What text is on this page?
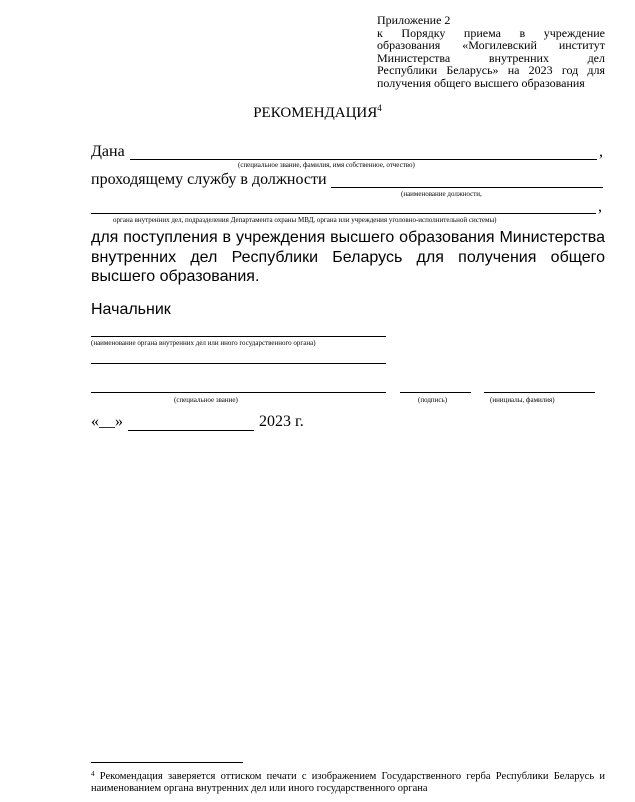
Приложение 2
к Порядку приема в учреждение
образования «Могилевский институт
Министерства внутренних дел
Республики Беларусь» на 2023 год для
получения общего высшего образования
РЕКОМЕНДАЦИЯ$^4$
Дана	,
(специальное звание, фамилия, имя собственное, отчество)
проходящему службу в должности
(наименование должности,
,
органа внутренних дел, подразделения Департамента охраны МВД, органа или учреждения уголовно-исполнительной системы)
для поступления в учреждения высшего образования Министерства внутренних дел Республики Беларусь для получения общего высшего образования.
Начальник
(наименование органа внутренних дел или иного государственного органа)
(специальное звание)	(подпись)	(инициалы, фамилия)
«__»	2023 г.
$^4$ Рекомендация заверяется оттиском печати с изображением Государственного герба Республики Беларусь и наименованием органа внутренних дел или иного государственного органа
